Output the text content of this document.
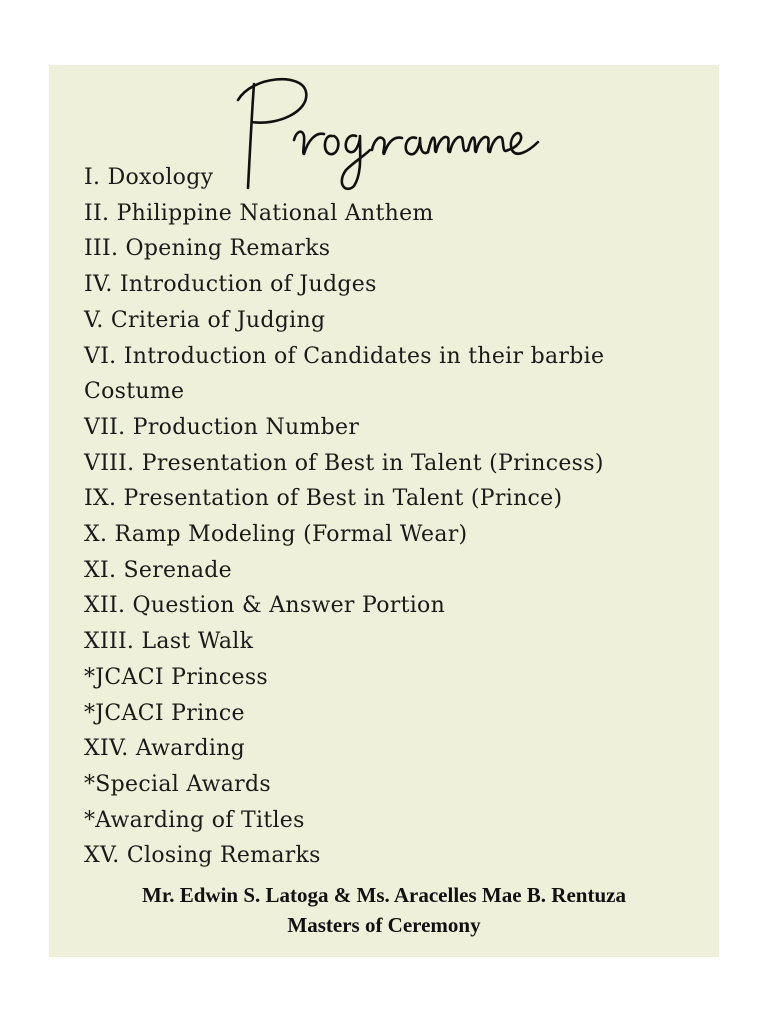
I. Doxology
II. Philippine National Anthem
III. Opening Remarks
IV. Introduction of Judges
V. Criteria of Judging
VI. Introduction of Candidates in their barbie
Costume
VII. Production Number
VIII. Presentation of Best in Talent (Princess)
IX. Presentation of Best in Talent (Prince)
X. Ramp Modeling (Formal Wear)
XI. Serenade
XII. Question & Answer Portion
XIII. Last Walk
*JCACI Princess
*JCACI Prince
XIV. Awarding
*Special Awards
*Awarding of Titles
XV. Closing Remarks
Mr. Edwin S. Latoga & Ms. Aracelles Mae B. Rentuza
Masters of Ceremony
